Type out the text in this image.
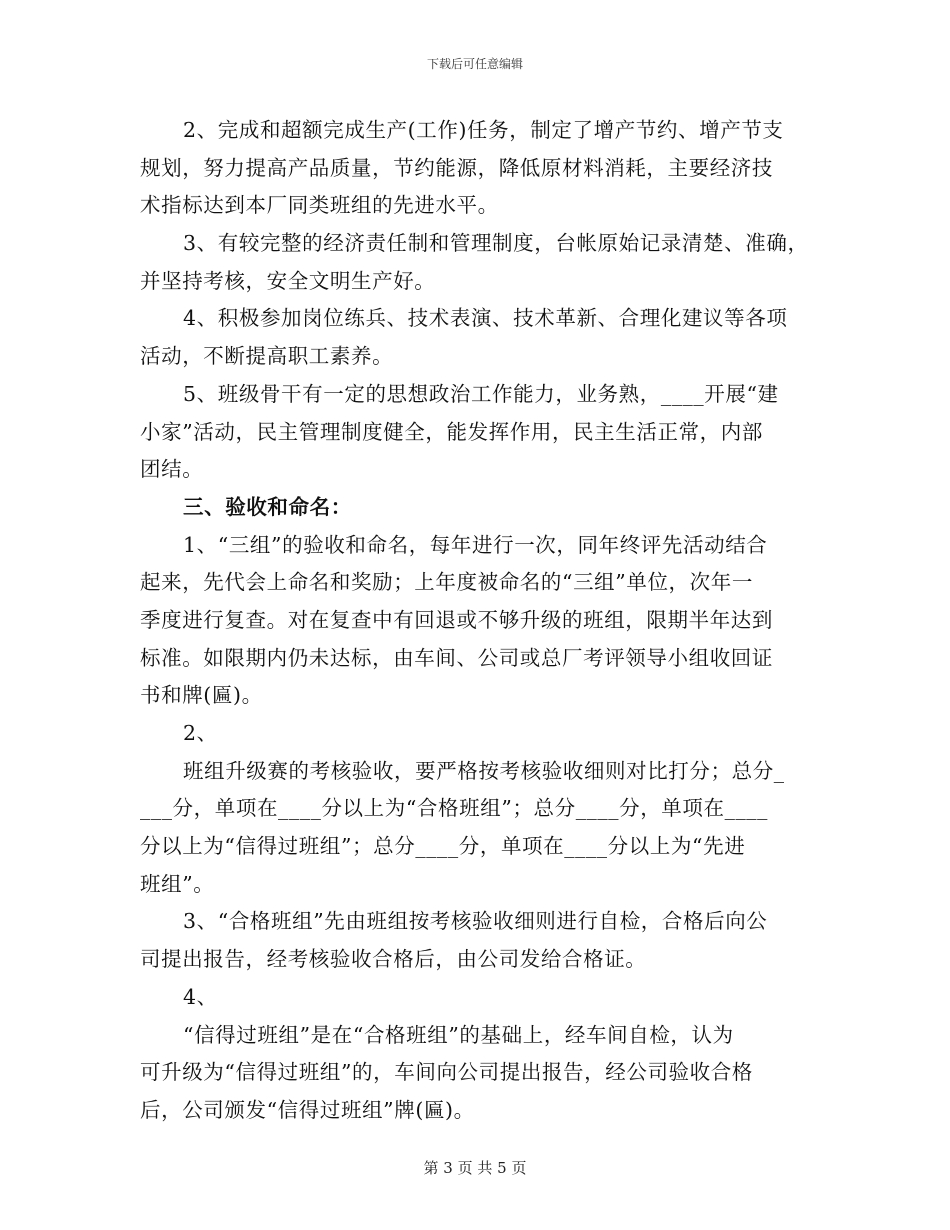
下载后可任意编辑
2、完成和超额完成生产(工作)任务，制定了增产节约、增产节支
规划，努力提高产品质量，节约能源，降低原材料消耗，主要经济技
术指标达到本厂同类班组的先进水平。
3、有较完整的经济责任制和管理制度，台帐原始记录清楚、准确，
并坚持考核，安全文明生产好。
4、积极参加岗位练兵、技术表演、技术革新、合理化建议等各项
活动，不断提高职工素养。
5、班级骨干有一定的思想政治工作能力，业务熟，____开展“建
小家”活动，民主管理制度健全，能发挥作用，民主生活正常，内部
团结。
三、验收和命名：
1、“三组”的验收和命名，每年进行一次，同年终评先活动结合
起来，先代会上命名和奖励；上年度被命名的“三组”单位，次年一
季度进行复查。对在复查中有回退或不够升级的班组，限期半年达到
标准。如限期内仍未达标，由车间、公司或总厂考评领导小组收回证
书和牌(匾)。
2、
班组升级赛的考核验收，要严格按考核验收细则对比打分；总分_
___分，单项在____分以上为“合格班组”；总分____分，单项在____
分以上为“信得过班组”；总分____分，单项在____分以上为“先进
班组”。
3、“合格班组”先由班组按考核验收细则进行自检，合格后向公
司提出报告，经考核验收合格后，由公司发给合格证。
4、
“信得过班组”是在“合格班组”的基础上，经车间自检，认为
可升级为“信得过班组”的，车间向公司提出报告，经公司验收合格
后，公司颁发“信得过班组”牌(匾)。
第 3 页 共 5 页
